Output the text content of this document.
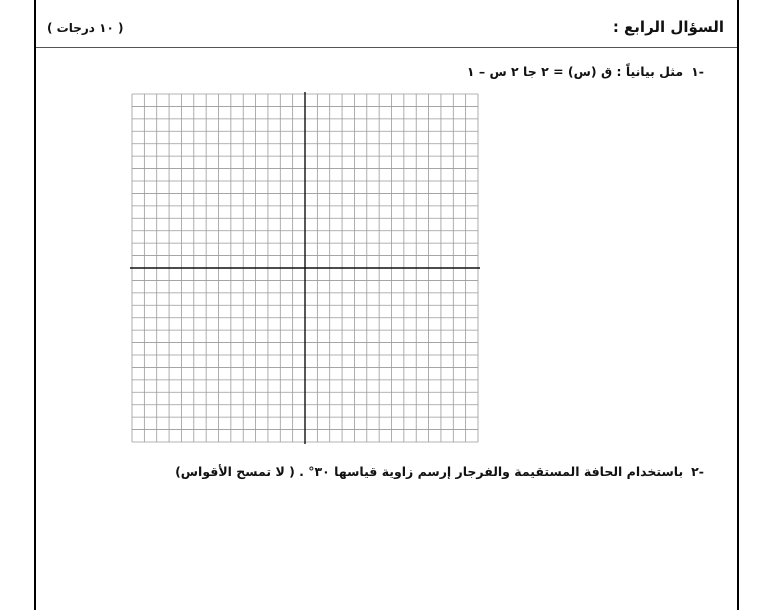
السؤال الرابع :
( ١٠ درجات )
-١مثل بيانياً : ق (س) = ٢ جا ٢ س – ١
-٢باستخدام الحافة المستقيمة والفرجار إرسم زاوية قياسها ٣٠° . ( لا تمسح الأقواس)
